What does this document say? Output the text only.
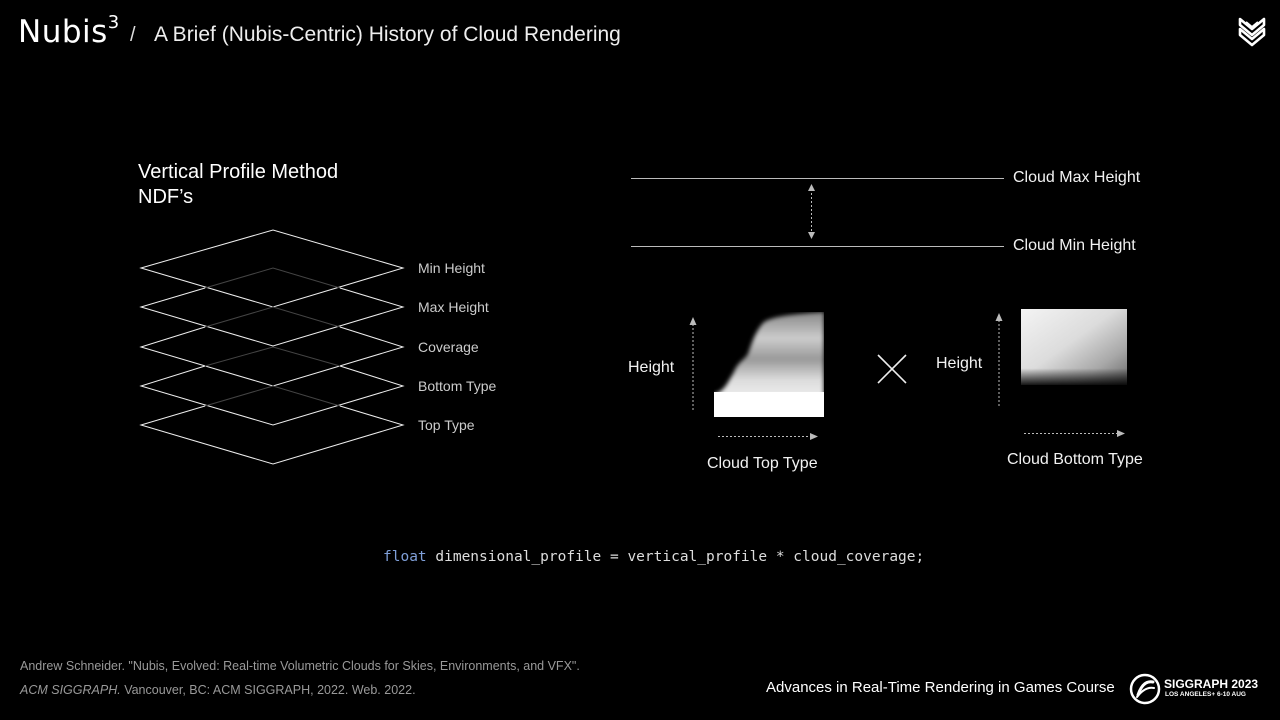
Nubis$^3$
/ A Brief (Nubis-Centric) History of Cloud Rendering
Vertical Profile Method
NDF’s
Min Height
Max Height
Coverage
Bottom Type
Top Type
Cloud Max Height
Cloud Min Height
Height
Cloud Top Type
Height
Cloud Bottom Type
float dimensional_profile = vertical_profile * cloud_coverage;
Andrew Schneider. "Nubis, Evolved: Real-time Volumetric Clouds for Skies, Environments, and VFX".
ACM SIGGRAPH. Vancouver, BC: ACM SIGGRAPH, 2022. Web. 2022.	Advances in Real-Time Rendering in Games Course	SIGGRAPH 2023
LOS ANGELES+ 6-10 AUG
